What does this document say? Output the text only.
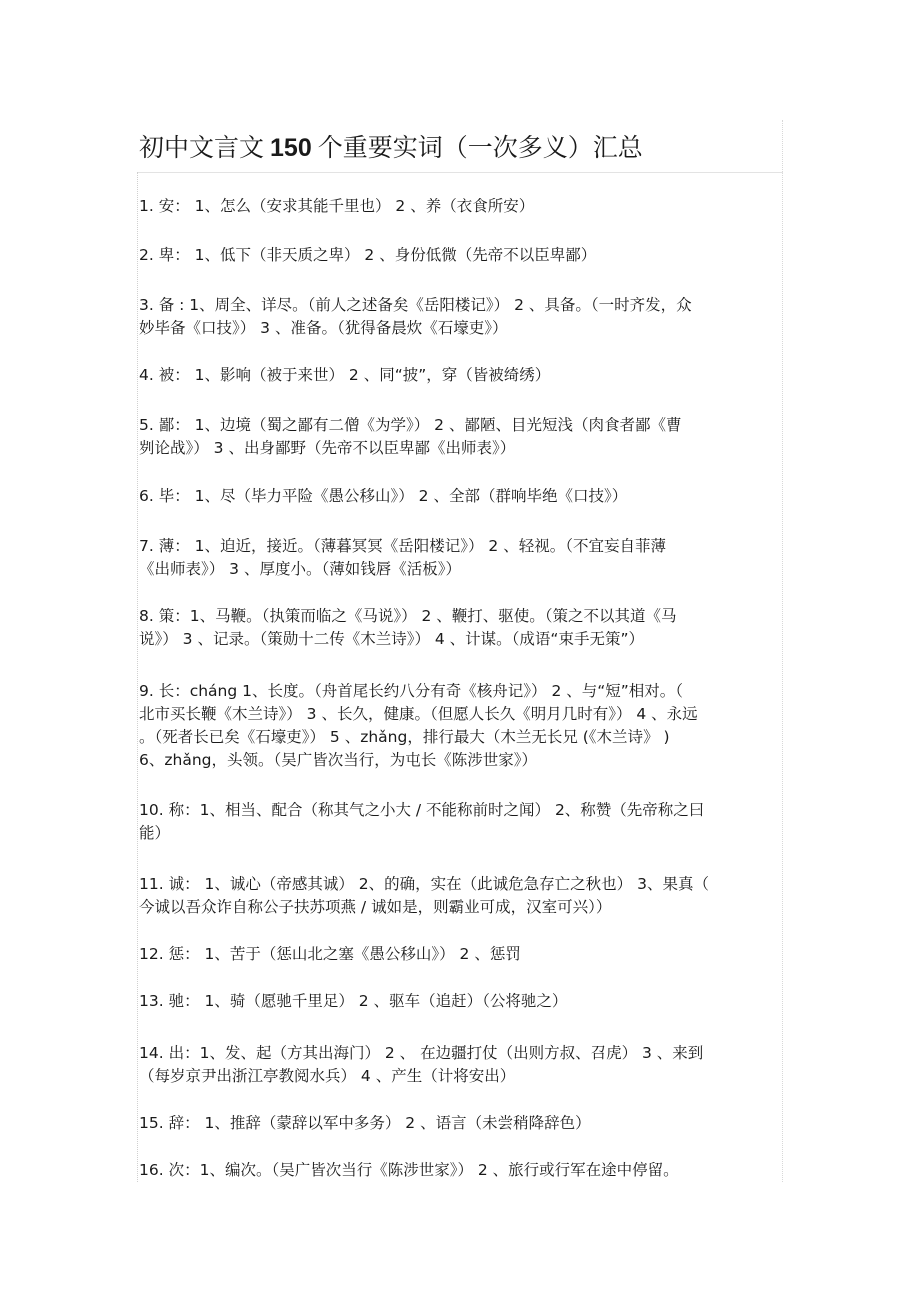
初中文言文 150 个重要实词（一次多义）汇总
1. 安： 1、怎么（安求其能千里也） 2 、养（衣食所安）
2. 卑： 1、低下（非天质之卑） 2 、身份低微（先帝不以臣卑鄙）
3. 备 : 1、周全、详尽。（前人之述备矣《岳阳楼记》） 2 、具备。（一时齐发，众
妙毕备《口技》） 3 、准备。（犹得备晨炊《石壕吏》）
4. 被： 1、影响（被于来世） 2 、同“披”，穿（皆被绮绣）
5. 鄙： 1、边境（蜀之鄙有二僧《为学》） 2 、鄙陋、目光短浅（肉食者鄙《曹
刿论战》） 3 、出身鄙野（先帝不以臣卑鄙《出师表》）
6. 毕： 1、尽（毕力平险《愚公移山》） 2 、全部（群响毕绝《口技》）
7. 薄： 1、迫近，接近。（薄暮冥冥《岳阳楼记》） 2 、轻视。（不宜妄自菲薄
《出师表》） 3 、厚度小。（薄如钱唇《活板》）
8. 策：1、马鞭。（执策而临之《马说》） 2 、鞭打、驱使。（策之不以其道《马
说》） 3 、记录。（策勋十二传《木兰诗》） 4 、计谋。（成语“束手无策”）
9. 长：cháng 1、长度。（舟首尾长约八分有奇《核舟记》） 2 、与“短”相对。（
北市买长鞭《木兰诗》） 3 、长久，健康。（但愿人长久《明月几时有》） 4 、永远
。（死者长已矣《石壕吏》） 5 、zhǎng，排行最大（木兰无长兄 (《木兰诗》 )
6、zhǎng，头领。（吴广皆次当行，为屯长《陈涉世家》）
10. 称：1、相当、配合（称其气之小大 / 不能称前时之闻） 2、称赞（先帝称之曰
能）
11. 诚： 1、诚心（帝感其诚） 2、的确，实在（此诚危急存亡之秋也） 3、果真（
今诚以吾众诈自称公子扶苏项燕 / 诚如是，则霸业可成，汉室可兴））
12. 惩： 1、苦于（惩山北之塞《愚公移山》） 2 、惩罚
13. 驰： 1、骑（愿驰千里足） 2 、驱车（追赶）（公将驰之）
14. 出：1、发、起（方其出海门） 2 、 在边疆打仗（出则方叔、召虎） 3 、来到
（每岁京尹出浙江亭教阅水兵） 4 、产生（计将安出）
15. 辞： 1、推辞（蒙辞以军中多务） 2 、语言（未尝稍降辞色）
16. 次：1、编次。（吴广皆次当行《陈涉世家》） 2 、旅行或行军在途中停留。
